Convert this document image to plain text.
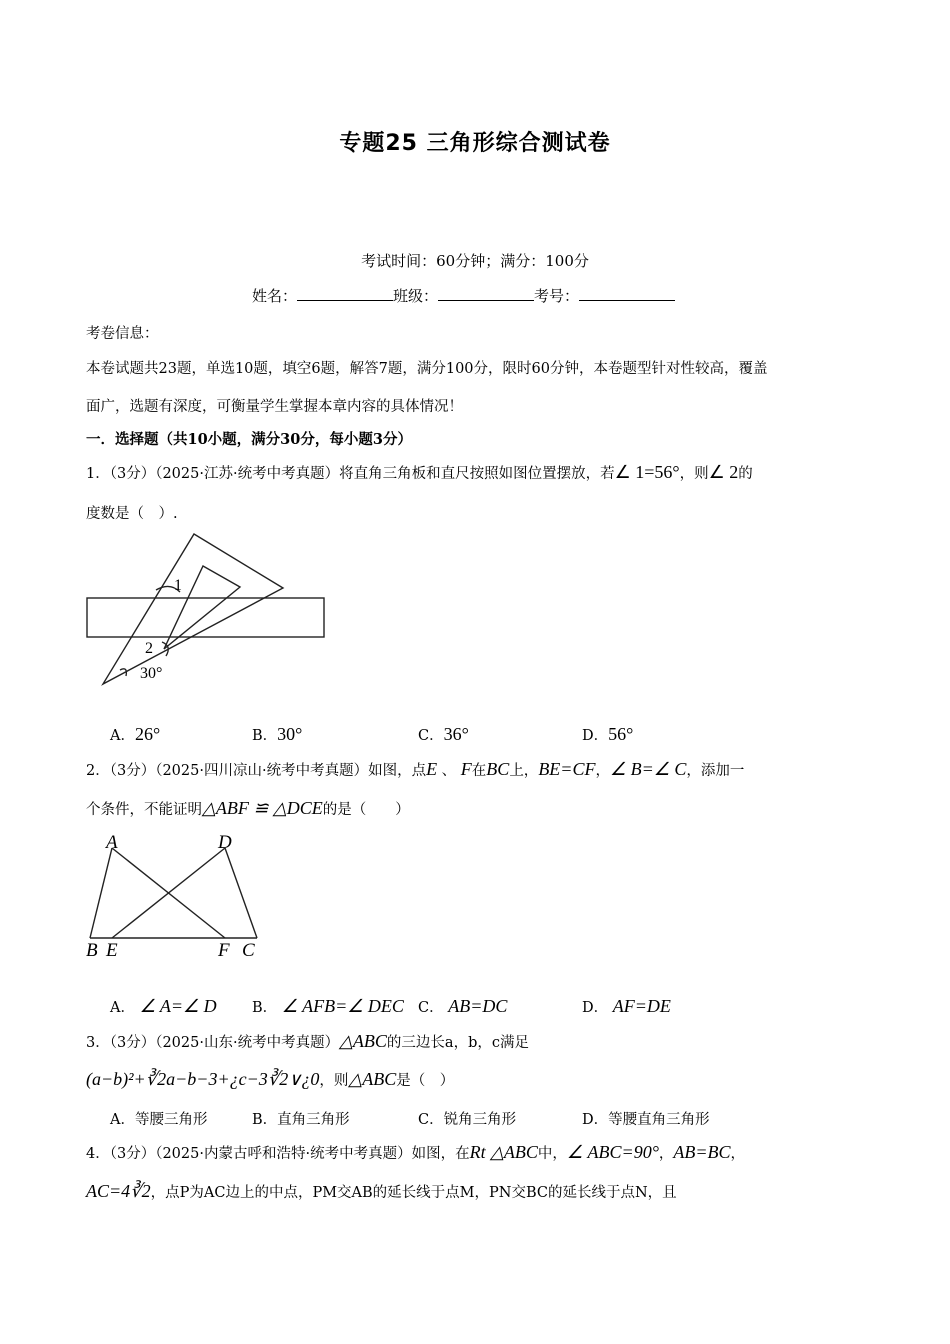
专题25 三角形综合测试卷
考试时间：60分钟；满分：100分
姓名：	班级：	考号：
考卷信息：
本卷试题共23题，单选10题，填空6题，解答7题，满分100分，限时60分钟，本卷题型针对性较高，覆盖
面广，选题有深度，可衡量学生掌握本章内容的具体情况！
一．选择题（共10小题，满分30分，每小题3分）
1．（3分）（2025·江苏·统考中考真题）将直角三角板和直尺按照如图位置摆放，若∠ 1=56°，则∠ 2的
度数是（　）.
1
2
30°
A．26°	B．30°	C．36°	D．56°
2．（3分）（2025·四川凉山·统考中考真题）如图，点E 、 F在BC上，BE=CF，∠ B=∠ C，添加一
个条件，不能证明△ABF ≌ △DCE的是（　　）
A	D
B E	F C
A． ∠ A=∠ D B． ∠ AFB=∠ DEC C． AB=DC	D． AF=DE
3．（3分）（2025·山东·统考中考真题）△ABC的三边长a，b，c满足
(a−b)²+∛2a−b−3+¿c−3∛2∨¿0，则△ABC是（　）
A．等腰三角形	B．直角三角形	C．锐角三角形	D．等腰直角三角形
4．（3分）（2025·内蒙古呼和浩特·统考中考真题）如图，在Rt △ABC中，∠ ABC=90°，AB=BC，
AC=4∛2，点P为AC边上的中点，PM交AB的延长线于点M，PN交BC的延长线于点N，且
